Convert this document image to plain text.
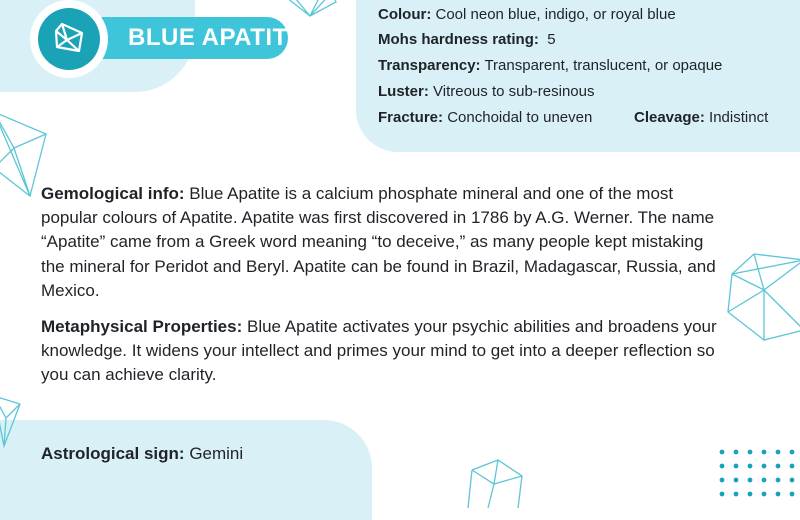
BLUE APATITE
Colour: Cool neon blue, indigo, or royal blue
Mohs hardness rating: 5
Transparency: Transparent, translucent, or opaque
Luster: Vitreous to sub-resinous
Fracture: Conchoidal to uneven	Cleavage: Indistinct

Gemological info: Blue Apatite is a calcium phosphate mineral and one of the most popular colours of Apatite. Apatite was first discovered in 1786 by A.G. Werner. The name “Apatite” came from a Greek word meaning “to deceive,” as many people kept mistaking the mineral for Peridot and Beryl. Apatite can be found in Brazil, Madagascar, Russia, and Mexico.

Metaphysical Properties: Blue Apatite activates your psychic abilities and broadens your knowledge. It widens your intellect and primes your mind to get into a deeper reflection so you can achieve clarity.

Astrological sign: Gemini
